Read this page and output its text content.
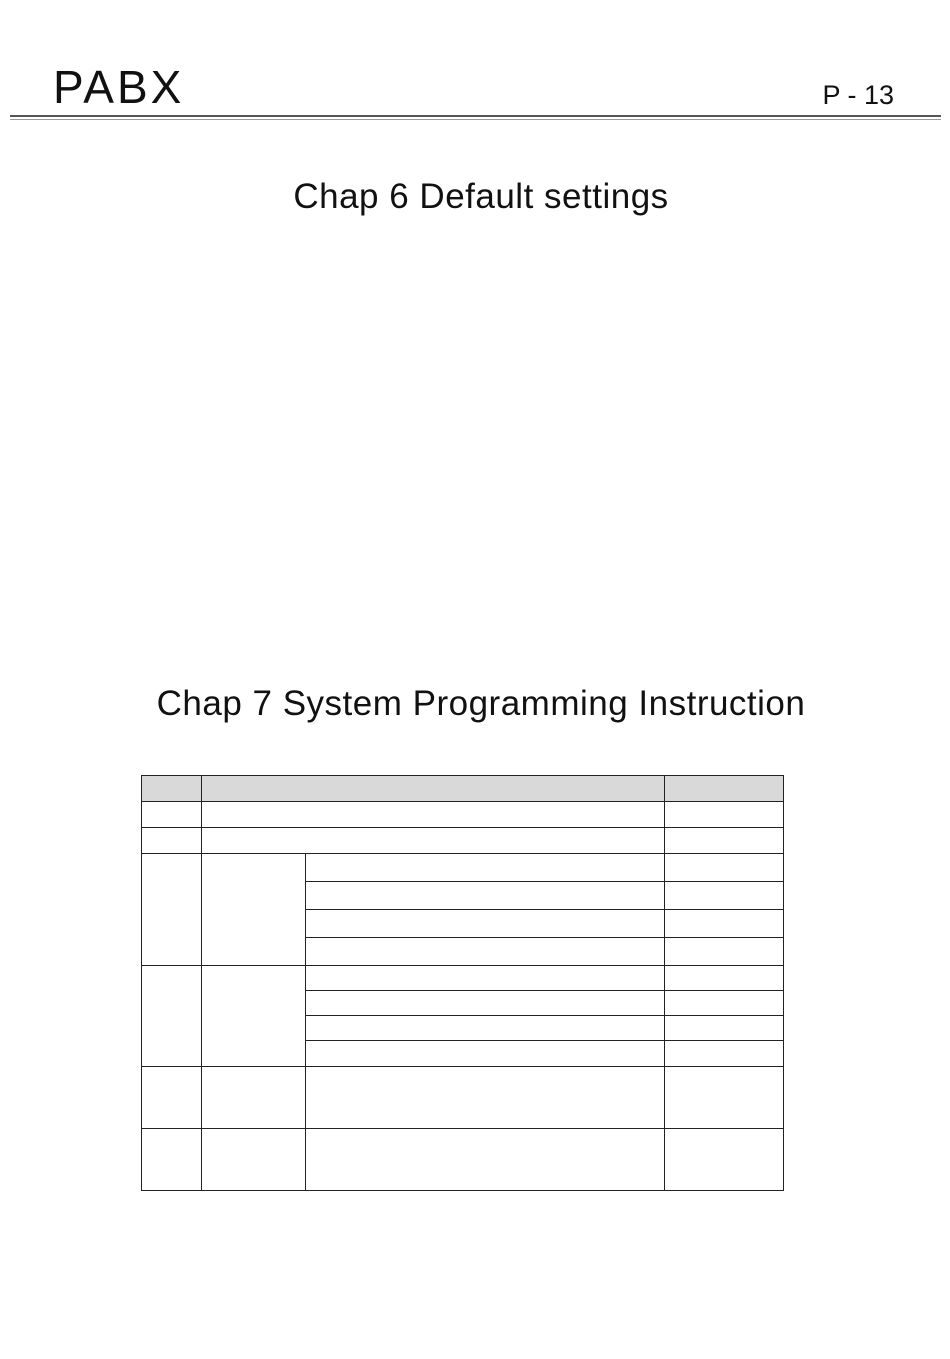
PABX	P - 13
Chap 6 Default settings
Chap 7 System Programming Instruction
